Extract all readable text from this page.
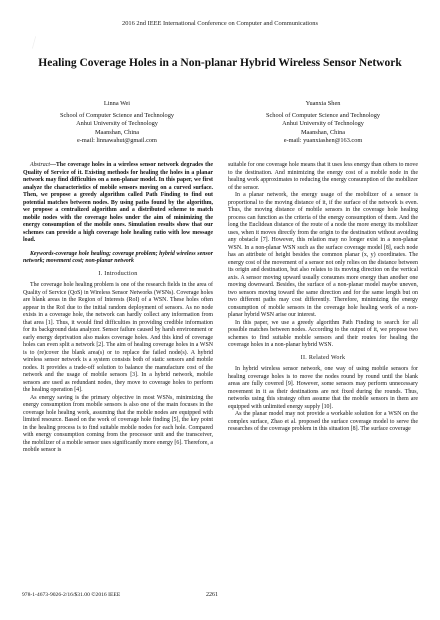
⟋
2016 2nd IEEE International Conference on Computer and Communications
Healing Coverage Holes in a Non-planar Hybrid Wireless Sensor Network
Linna Wei
School of Computer Science and Technology
Anhui University of Technology
Maanshan, China
e-mail: linnawahut@gmail.com
Yuanxia Shen
School of Computer Science and Technology
Anhui University of Technology
Maanshan, China
e-mail: yuanxiashen@163.com

Abstract—The coverage holes in a wireless sensor network degrades the Quality of Service of it. Existing methods for healing the holes in a planar network may find difficulties on a non-planar model. In this paper, we first analyze the characteristics of mobile sensors moving on a curved surface. Then, we propose a greedy algorithm called Path Finding to find out potential matches between nodes. By using paths found by the algorithm, we propose a centralized algorithm and a distributed scheme to match mobile nodes with the coverage holes under the aim of minimizing the energy consumption of the mobile ones. Simulation results show that our schemes can provide a high coverage hole healing ratio with low message load.

Keywords-coverage hole healing; coverage problem; hybrid wireless sensor network; movement cost; non-planar network

I. Introduction

The coverage hole healing problem is one of the research fields in the area of Quality of Service (QoS) in Wireless Sensor Networks (WSNs). Coverage holes are blank areas in the Region of Interests (RoI) of a WSN. These holes often appear in the RoI due to the initial random deployment of sensors. As no node exists in a coverage hole, the network can hardly collect any information from that area [1]. Thus, it would find difficulties in providing credible information for its background data analyzer. Sensor failure caused by harsh environment or early energy deprivation also makes coverage holes. And this kind of coverage holes can even split a network [2]. The aim of healing coverage holes in a WSN is to (re)cover the blank area(s) or to replace the failed node(s). A hybrid wireless sensor network is a system consists both of static sensors and mobile nodes. It provides a trade-off solution to balance the manufacture cost of the network and the usage of mobile sensors [3]. In a hybrid network, mobile sensors are used as redundant nodes, they move to coverage holes to perform the healing operation [4].

As energy saving is the primary objective in most WSNs, minimizing the energy consumption from mobile sensors is also one of the main focuses in the coverage hole healing work, assuming that the mobile nodes are equipped with limited resource. Based on the work of coverage hole finding [5], the key point in the healing process is to find suitable mobile nodes for each hole. Compared with energy consumption coming from the processor unit and the transceiver, the mobilizer of a mobile sensor uses significantly more energy [6]. Therefore, a mobile sensor is

suitable for one coverage hole means that it uses less energy than others to move to the destination. And minimizing the energy cost of a mobile node in the healing work approximates to reducing the energy consumption of the mobilizer of the sensor.

In a planar network, the energy usage of the mobilizer of a sensor is proportional to the moving distance of it, if the surface of the network is even. Thus, the moving distance of mobile sensors in the coverage hole healing process can function as the criteria of the energy consumption of them. And the long the Euclidean distance of the route of a node the more energy its mobilizer uses, when it moves directly from the origin to the destination without avoiding any obstacle [7]. However, this relation may no longer exist in a non-planar WSN. In a non-planar WSN such as the surface coverage model [8], each node has an attribute of height besides the common planar (x, y) coordinates. The energy cost of the movement of a sensor not only relies on the distance between its origin and destination, but also relates to its moving direction on the vertical axis. A sensor moving upward usually consumes more energy than another one moving downward. Besides, the surface of a non-planar model maybe uneven, two sensors moving toward the same direction and for the same length but on two different paths may cost differently. Therefore, minimizing the energy consumption of mobile sensors in the coverage hole healing work of a non-planar hybrid WSN arise our interest.

In this paper, we use a greedy algorithm Path Finding to search for all possible matches between nodes. According to the output of it, we propose two schemes to find suitable mobile sensors and their routes for healing the coverage holes in a non-planar hybrid WSN.

II. Related Work

In hybrid wireless sensor network, one way of using mobile sensors for healing coverage holes is to move the nodes round by round until the blank areas are fully covered [9]. However, some sensors may perform unnecessary movement in it as their destinations are not fixed during the rounds. Thus, networks using this strategy often assume that the mobile sensors in them are equipped with unlimited energy supply [10].

As the planar model may not provide a workable solution for a WSN on the complex surface, Zhao et al. proposed the surface coverage model to serve the researches of the coverage problem in this situation [8]. The surface coverage

978-1-4673-9026-2/16/$31.00 ©2016 IEEE	2261
